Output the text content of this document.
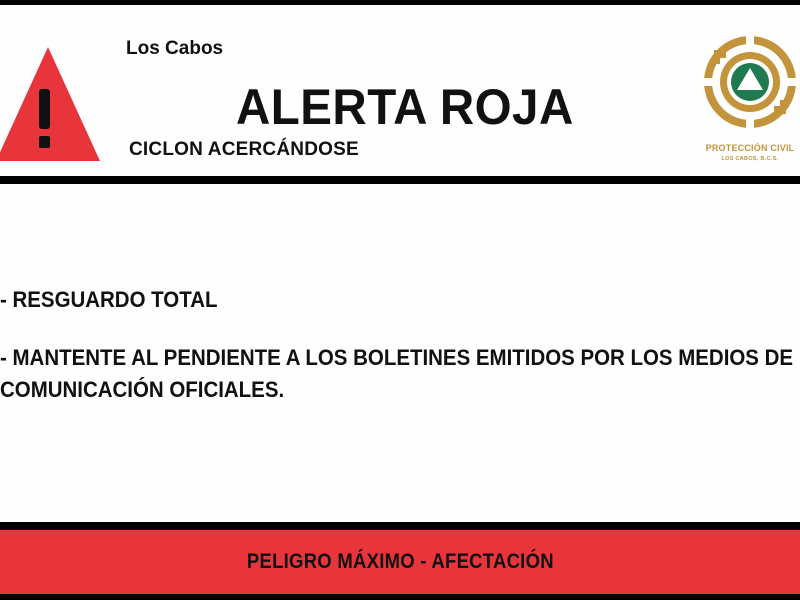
Los Cabos
ALERTA ROJA
CICLON ACERCÁNDOSE	PROTECCIÓN CIVIL
LOS CABOS, B.C.S.
- RESGUARDO TOTAL
- MANTENTE AL PENDIENTE A LOS BOLETINES EMITIDOS POR LOS MEDIOS DE
COMUNICACIÓN OFICIALES.
PELIGRO MÁXIMO - AFECTACIÓN
